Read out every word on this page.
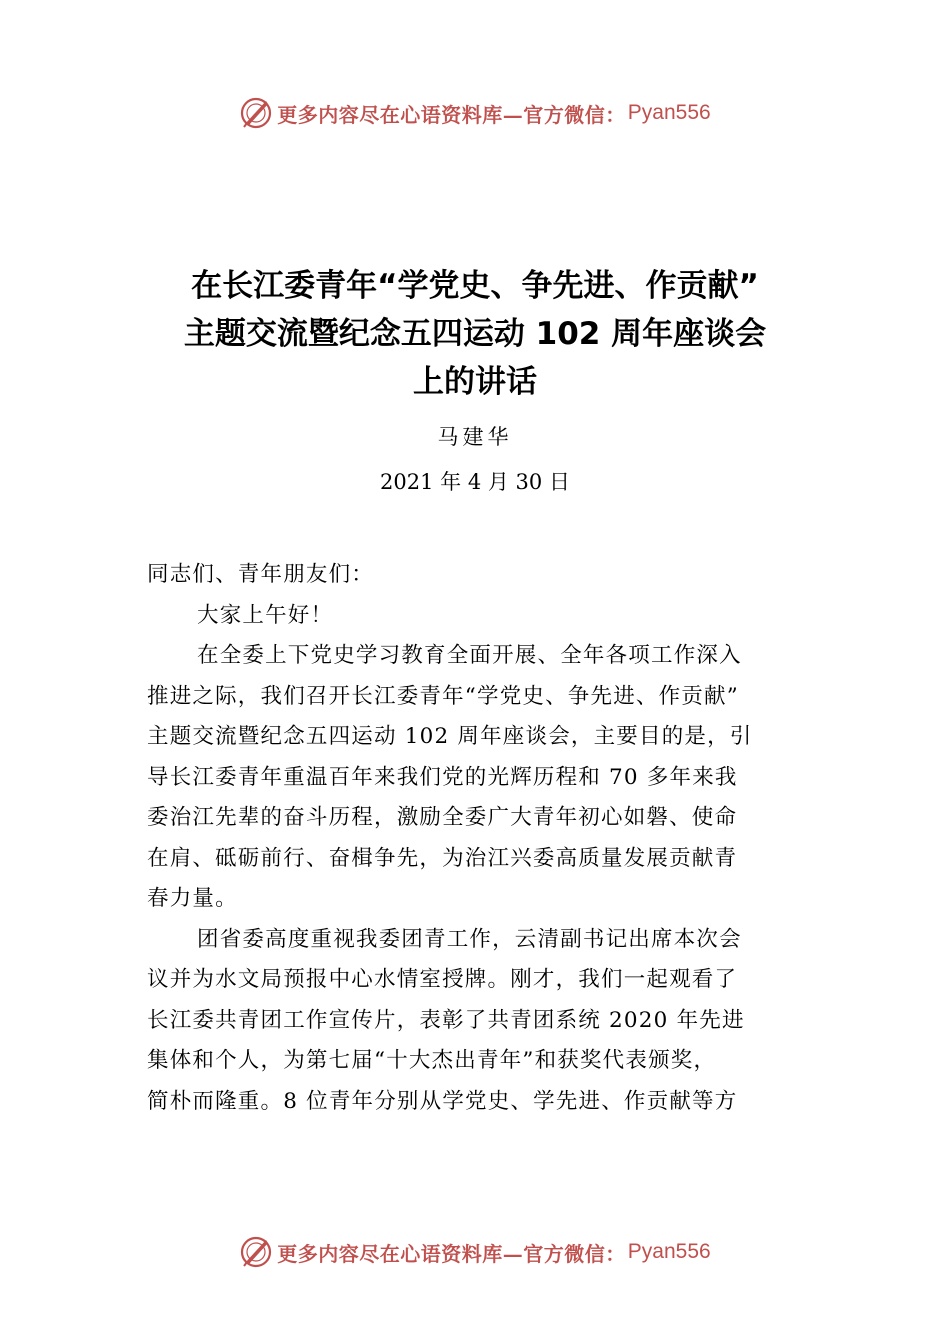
更多内容尽在心语资料库—官方微信： Pyan556
在长江委青年“学党史、争先进、作贡献”
主题交流暨纪念五四运动 102 周年座谈会
上的讲话
马建华
2021 年 4 月 30 日
同志们、青年朋友们：
大家上午好！
在全委上下党史学习教育全面开展、全年各项工作深入
推进之际，我们召开长江委青年“学党史、争先进、作贡献”
主题交流暨纪念五四运动 102 周年座谈会，主要目的是，引
导长江委青年重温百年来我们党的光辉历程和 70 多年来我
委治江先辈的奋斗历程，激励全委广大青年初心如磐、使命
在肩、砥砺前行、奋楫争先，为治江兴委高质量发展贡献青
春力量。
团省委高度重视我委团青工作，云清副书记出席本次会
议并为水文局预报中心水情室授牌。刚才，我们一起观看了
长江委共青团工作宣传片，表彰了共青团系统 2020 年先进
集体和个人，为第七届“十大杰出青年”和获奖代表颁奖，
简朴而隆重。8 位青年分别从学党史、学先进、作贡献等方
更多内容尽在心语资料库—官方微信： Pyan556
